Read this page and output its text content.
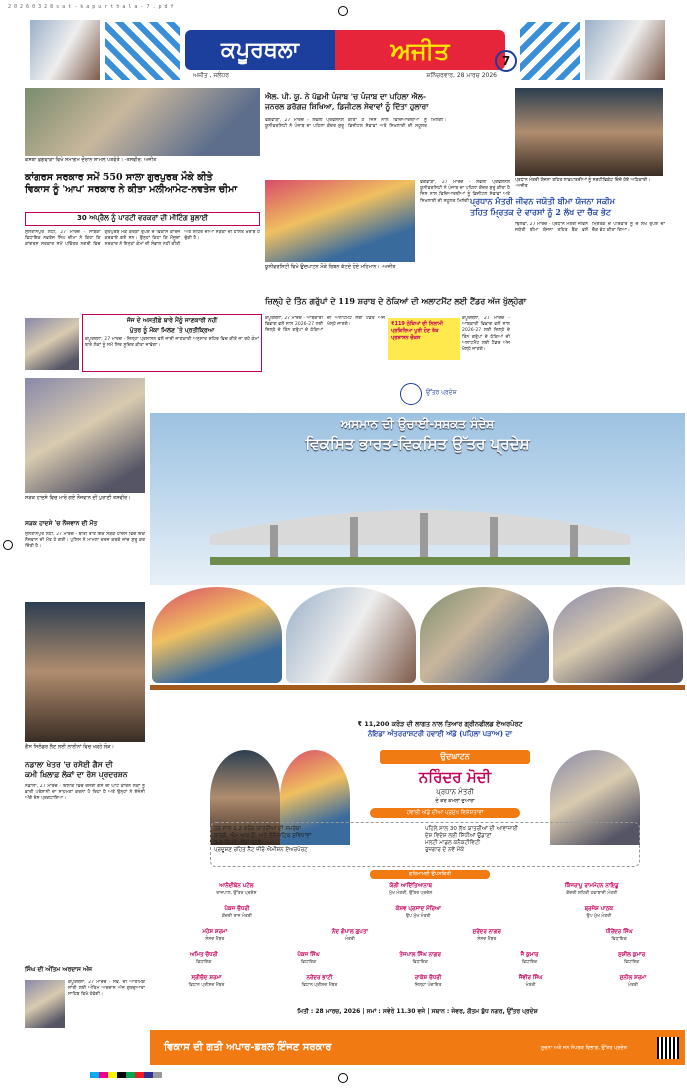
2 0 2 6 0 3 2 8 s a t - k a p u r t h a l a - 7 . p d f
ਕਪੂਰਥਲਾ	ਅਜੀਤ
ਅਜੀਤ , ਜਲੰਧਰ	ਸ਼ਨਿੱਚਰਵਾਰ, 28 ਮਾਰਚ 2026
7
ਕਸਬਾ ਫਗਵਾੜਾ ਵਿਖੇ ਸਮਾਗਮ ਦੌਰਾਨ ਸ਼ਾਮਲ ਪਤਵੰਤੇ। -ਤਸਵੀਰ: ਅਜੀਤ
ਕਾਂਗਰਸ ਸਰਕਾਰ ਸਮੇਂ 550 ਸਾਲਾ ਗੁਰਪੁਰਬ ਮੌਕੇ ਕੀਤੇ
ਵਿਕਾਸ ਨੂੰ 'ਆਪ' ਸਰਕਾਰ ਨੇ ਕੀਤਾ ਮਲੀਆਮੇਟ-ਨਵਤੇਜ ਚੀਮਾ
30 ਅਪ੍ਰੈਲ ਨੂੰ ਪਾਰਟੀ ਵਰਕਰਾਂ ਦੀ ਮੀਟਿੰਗ ਬੁਲਾਈ
ਸੁਲਤਾਨਪੁਰ ਲੋਧੀ, 27 ਮਾਰਚ - ਸਾਬਕਾ ਵਿਧਾਇਕ ਨਵਤੇਜ ਸਿੰਘ ਚੀਮਾ ਨੇ ਕਿਹਾ ਕਿ ਕਾਂਗਰਸ ਸਰਕਾਰ ਸਮੇਂ ਪਵਿੱਤਰ ਨਗਰੀ ਵਿਚ ਗੁਰਪੁਰਬ ਮੌਕੇ ਕਰੋੜਾਂ ਰੁਪਏ ਦੇ ਵਿਕਾਸ ਕਾਰਜ ਕਰਵਾਏ ਗਏ ਸਨ। ਉਨ੍ਹਾਂ ਕਿਹਾ ਕਿ ਮੌਜੂਦਾ ਸਰਕਾਰ ਨੇ ਇਨ੍ਹਾਂ ਕੰਮਾਂ ਦੀ ਸੰਭਾਲ ਨਹੀਂ ਕੀਤੀ ਅਤੇ ਸ਼ਹਿਰ ਦੀਆਂ ਸੜਕਾਂ ਦੀ ਹਾਲਤ ਖ਼ਰਾਬ ਹੋ ਚੁੱਕੀ ਹੈ।
ਜੱਜ ਦੇ ਅਸਤੀਫ਼ੇ ਬਾਰੇ ਮੈਂਨੂੰ ਜਾਣਕਾਰੀ ਨਹੀਂ
ਪੁੱਤਰ ਨੂੰ ਮੌਕਾ ਮਿਲਣ 'ਤੇ ਪ੍ਰਤੀਕ੍ਰਿਆ
ਕਪੂਰਥਲਾ, 27 ਮਾਰਚ - ਜ਼ਿਲ੍ਹਾ ਪ੍ਰਸ਼ਾਸਨ ਵਲੋਂ ਜਾਰੀ ਜਾਣਕਾਰੀ ਅਨੁਸਾਰ ਸ਼ਹਿਰ ਵਿਚ ਕੀਤੇ ਜਾ ਰਹੇ ਕੰਮਾਂ ਬਾਰੇ ਲੋਕਾਂ ਨੂੰ ਸਮੇਂ ਸਿਰ ਸੂਚਿਤ ਕੀਤਾ ਜਾਵੇਗਾ।
ਐਲ. ਪੀ. ਯੂ. ਨੇ ਪੱਛਮੀ ਪੰਜਾਬ 'ਚ ਪੰਜਾਬ ਦਾ ਪਹਿਲਾ ਐਲ-
ਜਨਰਲ ਡਰੱਗਜ਼ ਸ਼ਿਖਿਆ, ਡਿਜੀਟਲ ਸੇਵਾਵਾਂ ਨੂੰ ਦਿੱਤਾ ਹੁਲਾਰਾ
ਫਗਵਾੜਾ, 27 ਮਾਰਚ - ਲਵਲੀ ਪ੍ਰੋਫੈਸ਼ਨਲ ਯੂਨੀਵਰਸਿਟੀ ਨੇ ਪੰਜਾਬ ਦਾ ਪਹਿਲਾ ਕੇਂਦਰ ਸ਼ੁਰੂ ਕੀਤਾ ਹੈ ਜਿਸ ਨਾਲ ਵਿਦਿਆਰਥੀਆਂ ਨੂੰ ਡਿਜੀਟਲ ਸੇਵਾਵਾਂ ਅਤੇ ਸਿਖਲਾਈ ਦੀ ਸਹੂਲਤ ਮਿਲੇਗੀ।
ਯੂਨੀਵਰਸਿਟੀ ਵਿਖੇ ਉਦਘਾਟਨ ਮੌਕੇ ਰਿਬਨ ਕੱਟਦੇ ਹੋਏ ਮਹਿਮਾਨ। -ਅਜੀਤ
ਫਗਵਾੜਾ, 27 ਮਾਰਚ - ਲਵਲੀ ਪ੍ਰੋਫੈਸ਼ਨਲ ਯੂਨੀਵਰਸਿਟੀ ਨੇ ਪੰਜਾਬ ਦਾ ਪਹਿਲਾ ਕੇਂਦਰ ਸ਼ੁਰੂ ਕੀਤਾ ਹੈ ਜਿਸ ਨਾਲ ਵਿਦਿਆਰਥੀਆਂ ਨੂੰ ਡਿਜੀਟਲ ਸੇਵਾਵਾਂ ਅਤੇ ਸਿਖਲਾਈ ਦੀ ਸਹੂਲਤ ਮਿਲੇਗੀ।
ਪ੍ਰਧਾਨ ਮੰਤਰੀ ਯੋਜਨਾ ਤਹਿਤ ਲਾਭਪਾਤਰੀਆਂ ਨੂੰ ਸਰਟੀਫਿਕੇਟ ਦਿੰਦੇ ਹੋਏ ਅਧਿਕਾਰੀ। -ਅਜੀਤ
ਪ੍ਰਧਾਨ ਮੰਤਰੀ ਜੀਵਨ ਜਯੋਤੀ ਬੀਮਾ ਯੋਜਨਾ ਸਕੀਮ
ਤਹਿਤ ਮ੍ਰਿਤਕ ਦੇ ਵਾਰਸਾਂ ਨੂੰ 2 ਲੱਖ ਦਾ ਚੈੱਕ ਭੇਟ
ਢਿਲਵਾਂ, 27 ਮਾਰਚ - ਪ੍ਰਧਾਨ ਮੰਤਰੀ ਜੀਵਨ ਜਯੋਤੀ ਬੀਮਾ ਯੋਜਨਾ ਤਹਿਤ ਬੈਂਕ ਵਲੋਂ ਮ੍ਰਿਤਕ ਦੇ ਪਰਿਵਾਰ ਨੂੰ ਦੋ ਲੱਖ ਰੁਪਏ ਦਾ ਚੈੱਕ ਭੇਟ ਕੀਤਾ ਗਿਆ।
ਜ਼ਿਲ੍ਹੇ ਦੇ ਤਿੰਨ ਗਰੁੱਪਾਂ ਦੇ 119 ਸ਼ਰਾਬ ਦੇ ਠੇਕਿਆਂ ਦੀ ਅਲਾਟਮੈਂਟ ਲਈ ਟੈਂਡਰ ਅੱਜ ਖੁੱਲ੍ਹੇਗਾ
ਕਪੂਰਥਲਾ, 27 ਮਾਰਚ - ਆਬਕਾਰੀ ਵਿਭਾਗ ਵਲੋਂ ਸਾਲ 2026-27 ਲਈ ਜ਼ਿਲ੍ਹੇ ਦੇ ਤਿੰਨ ਗਰੁੱਪਾਂ ਦੇ ਠੇਕਿਆਂ ਦੀ ਅਲਾਟਮੈਂਟ ਲਈ ਟੈਂਡਰ ਅੱਜ ਖੋਲ੍ਹੇ ਜਾਣਗੇ।	₹119 ਠੇਕਿਆਂ ਦੀ ਨਿਲਾਮੀ ਪ੍ਰਕਿਰਿਆ ਪੂਰੀ ਹੋਣ ਤੱਕ ਪ੍ਰਸ਼ਾਸਨ ਚੌਕਸ
ਕਪੂਰਥਲਾ, 27 ਮਾਰਚ - ਆਬਕਾਰੀ ਵਿਭਾਗ ਵਲੋਂ ਸਾਲ 2026-27 ਲਈ ਜ਼ਿਲ੍ਹੇ ਦੇ ਤਿੰਨ ਗਰੁੱਪਾਂ ਦੇ ਠੇਕਿਆਂ ਦੀ ਅਲਾਟਮੈਂਟ ਲਈ ਟੈਂਡਰ ਅੱਜ ਖੋਲ੍ਹੇ ਜਾਣਗੇ।
ਸੜਕ ਹਾਦਸੇ ਵਿਚ ਮਾਰੇ ਗਏ ਨੌਜਵਾਨ ਦੀ ਪੁਰਾਣੀ ਤਸਵੀਰ।
ਸੜਕ ਹਾਦਸੇ 'ਚ ਨੌਜਵਾਨ ਦੀ ਮੌਤ
ਸੁਲਤਾਨਪੁਰ ਲੋਧੀ, 27 ਮਾਰਚ - ਬੀਤੀ ਰਾਤ ਇਕ ਸੜਕ ਹਾਦਸੇ ਵਿਚ ਇਕ ਨੌਜਵਾਨ ਦੀ ਮੌਤ ਹੋ ਗਈ। ਪੁਲਿਸ ਨੇ ਮਾਮਲਾ ਦਰਜ ਕਰਕੇ ਜਾਂਚ ਸ਼ੁਰੂ ਕਰ ਦਿੱਤੀ ਹੈ।
ਗੈਸ ਸਿਲੰਡਰ ਲੈਣ ਲਈ ਲਾਈਨਾਂ ਵਿਚ ਖੜ੍ਹੇ ਲੋਕ।
ਨਡਾਲਾ ਖੇਤਰ 'ਚ ਰਸੋਈ ਗੈਸ ਦੀ
ਕਮੀ ਖ਼ਿਲਾਫ਼ ਲੋਕਾਂ ਦਾ ਰੋਸ ਪ੍ਰਦਰਸ਼ਨ
ਨਡਾਲਾ, 27 ਮਾਰਚ - ਇਲਾਕੇ ਵਿਚ ਰਸੋਈ ਗੈਸ ਦੀ ਘਾਟ ਕਾਰਨ ਲੋਕਾਂ ਨੂੰ ਭਾਰੀ ਪਰੇਸ਼ਾਨੀ ਦਾ ਸਾਹਮਣਾ ਕਰਨਾ ਪੈ ਰਿਹਾ ਹੈ ਅਤੇ ਉਨ੍ਹਾਂ ਨੇ ਏਜੰਸੀ ਅੱਗੇ ਰੋਸ ਪ੍ਰਗਟਾਇਆ।
ਸਿੰਘ ਦੀ ਅੰਤਿਮ ਅਰਦਾਸ ਅੱਜ
ਕਪੂਰਥਲਾ, 27 ਮਾਰਚ - ਸਵ. ਦੀ ਆਤਮਿਕ ਸ਼ਾਂਤੀ ਲਈ ਅੰਤਿਮ ਅਰਦਾਸ ਅੱਜ ਗੁਰਦੁਆਰਾ ਸਾਹਿਬ ਵਿਖੇ ਹੋਵੇਗੀ।
ਉੱਤਰ ਪ੍ਰਦੇਸ਼
ਅਸਮਾਨ ਦੀ ਉਚਾਈ-ਸਸ਼ਕਤ ਸੰਦੇਸ਼
ਵਿਕਸਿਤ ਭਾਰਤ-ਵਿਕਸਿਤ ਉੱਤਰ ਪ੍ਰਦੇਸ਼
₹ 11,200 ਕਰੋੜ ਦੀ ਲਾਗਤ ਨਾਲ ਤਿਆਰ ਗ੍ਰੀਨਫੀਲਡ ਏਅਰਪੋਰਟ
ਨੋਇਡਾ ਅੰਤਰਰਾਸ਼ਟਰੀ ਹਵਾਈ ਅੱਡੇ (ਪਹਿਲਾ ਪੜਾਅ) ਦਾ
ਉਦਘਾਟਨ
ਨਰਿੰਦਰ ਮੋਦੀ
ਪ੍ਰਧਾਨ ਮੰਤਰੀ
ਦੇ ਕਰ ਕਮਲਾਂ ਦੁਆਰਾ
ਹਵਾਈ ਅੱਡੇ ਦੀਆਂ ਪ੍ਰਮੁੱਖ ਵਿਸ਼ੇਸ਼ਤਾਵਾਂ
ਹਰ ਸਾਲ 1.2 ਕਰੋੜ ਯਾਤਰੀਆਂ ਦੀ ਸਮਰੱਥਾ
ਕਾਰਗੋ, ਐਮ.ਆਰ.ਓ. ਅਤੇ ਲੌਜਿਸਟਿਕ ਸੁਵਿਧਾਵਾਂ
3.9 ਕਿ.ਮੀ. ਲੰਬਾ ਰਨਵੇ
ਪ੍ਰਦੂਸ਼ਣ ਰਹਿਤ ਨੈੱਟ ਜ਼ੀਰੋ ਐਮੀਸ਼ਨ ਏਅਰਪੋਰਟ
ਪਹਿਲੇ ਸਾਲ 30 ਲੱਖ ਯਾਤਰੀਆਂ ਦੀ ਆਵਾਜਾਈ
ਦੇਸ਼ ਵਿਦੇਸ਼ ਲਈ ਸਿੱਧੀਆਂ ਉਡਾਣਾਂ
ਮਲਟੀ ਮਾਡਲ ਕਨੈਕਟੀਵਿਟੀ
ਰੁਜ਼ਗਾਰ ਦੇ ਨਵੇਂ ਮੌਕੇ
ਗਰਿਮਾਮਈ ਉਪਸਥਿਤੀ
ਆਨੰਦੀਬੇਨ ਪਟੇਲ
ਰਾਜਪਾਲ, ਉੱਤਰ ਪ੍ਰਦੇਸ਼
ਯੋਗੀ ਆਦਿੱਤਿਆਨਾਥ
ਮੁੱਖ ਮੰਤਰੀ, ਉੱਤਰ ਪ੍ਰਦੇਸ਼
ਕਿੰਜਰਾਪੂ ਰਾਮਮੋਹਨ ਨਾਇਡੂ
ਕੇਂਦਰੀ ਸ਼ਹਿਰੀ ਹਵਾਬਾਜ਼ੀ ਮੰਤਰੀ
ਪੰਕਜ ਚੌਧਰੀ
ਕੇਂਦਰੀ ਰਾਜ ਮੰਤਰੀ
ਕੇਸ਼ਵ ਪ੍ਰਸਾਦ ਮੌਰਿਆ
ਉਪ ਮੁੱਖ ਮੰਤਰੀ
ਬ੍ਰਜੇਸ਼ ਪਾਠਕ
ਉਪ ਮੁੱਖ ਮੰਤਰੀ
ਮਹੇਸ਼ ਸ਼ਰਮਾ
ਸੰਸਦ ਮੈਂਬਰ
ਨੰਦ ਗੋਪਾਲ ਗੁਪਤਾ
ਮੰਤਰੀ
ਸੁਰੇਂਦਰ ਨਾਗਰ
ਸੰਸਦ ਮੈਂਬਰ
ਧੀਰੇਂਦਰ ਸਿੰਘ
ਵਿਧਾਇਕ
ਅਮਿਤ ਚੌਧਰੀ
ਵਿਧਾਇਕ
ਪੰਕਜ ਸਿੰਘ
ਵਿਧਾਇਕ
ਤੇਜਪਾਲ ਸਿੰਘ ਨਾਗਰ
ਵਿਧਾਇਕ
ਜੈ ਕੁਮਾਰ
ਵਿਧਾਇਕ
ਸੁਸ਼ੀਲ ਕੁਮਾਰ
ਵਿਧਾਇਕ
ਸ੍ਰੀਚੰਦ ਸ਼ਰਮਾ
ਵਿਧਾਨ ਪ੍ਰੀਸ਼ਦ ਮੈਂਬਰ
ਨਰੇਂਦਰ ਭਾਟੀ
ਵਿਧਾਨ ਪ੍ਰੀਸ਼ਦ ਮੈਂਬਰ
ਰਾਕੇਸ਼ ਚੌਧਰੀ
ਜ਼ਿਲ੍ਹਾ ਪੰਚਾਇਤ
ਜੈਵੀਰ ਸਿੰਘ
ਮੰਤਰੀ
ਸੁਨੀਲ ਸ਼ਰਮਾ
ਮੰਤਰੀ
ਮਿਤੀ : 28 ਮਾਰਚ, 2026 | ਸਮਾਂ : ਸਵੇਰੇ 11.30 ਵਜੇ | ਸਥਾਨ : ਜੇਵਰ, ਗੌਤਮ ਬੁੱਧ ਨਗਰ, ਉੱਤਰ ਪ੍ਰਦੇਸ਼
ਵਿਕਾਸ ਦੀ ਗਤੀ ਅਪਾਰ-ਡਬਲ ਇੰਜਣ ਸਰਕਾਰ	ਸੂਚਨਾ ਅਤੇ ਜਨ ਸੰਪਰਕ ਵਿਭਾਗ, ਉੱਤਰ ਪ੍ਰਦੇਸ਼
